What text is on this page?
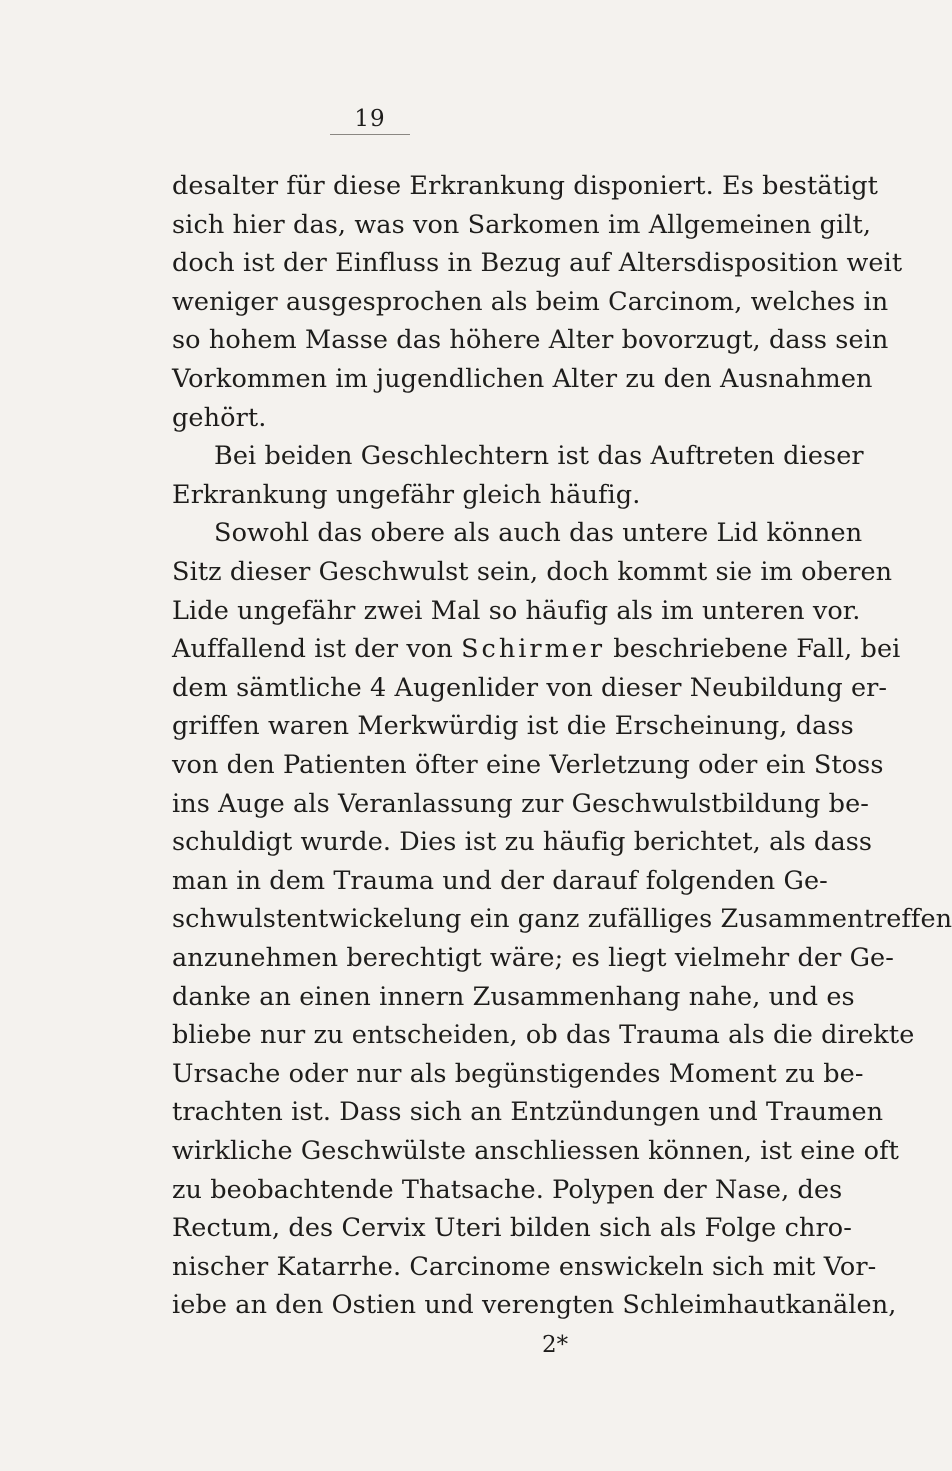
19
desalter für diese Erkrankung disponiert. Es bestätigt
sich hier das, was von Sarkomen im Allgemeinen gilt,
doch ist der Einfluss in Bezug auf Altersdisposition weit
weniger ausgesprochen als beim Carcinom, welches in
so hohem Masse das höhere Alter bovorzugt, dass sein
Vorkommen im jugendlichen Alter zu den Ausnahmen
gehört.
Bei beiden Geschlechtern ist das Auftreten dieser
Erkrankung ungefähr gleich häufig.
Sowohl das obere als auch das untere Lid können
Sitz dieser Geschwulst sein, doch kommt sie im oberen
Lide ungefähr zwei Mal so häufig als im unteren vor.
Auffallend ist der von Schirmer beschriebene Fall, bei
dem sämtliche 4 Augenlider von dieser Neubildung er-
griffen waren Merkwürdig ist die Erscheinung, dass
von den Patienten öfter eine Verletzung oder ein Stoss
ins Auge als Veranlassung zur Geschwulstbildung be-
schuldigt wurde. Dies ist zu häufig berichtet, als dass
man in dem Trauma und der darauf folgenden Ge-
schwulstentwickelung ein ganz zufälliges Zusammentreffen
anzunehmen berechtigt wäre; es liegt vielmehr der Ge-
danke an einen innern Zusammenhang nahe, und es
bliebe nur zu entscheiden, ob das Trauma als die direkte
Ursache oder nur als begünstigendes Moment zu be-
trachten ist. Dass sich an Entzündungen und Traumen
wirkliche Geschwülste anschliessen können, ist eine oft
zu beobachtende Thatsache. Polypen der Nase, des
Rectum, des Cervix Uteri bilden sich als Folge chro-
nischer Katarrhe. Carcinome enswickeln sich mit Vor-
iebe an den Ostien und verengten Schleimhautkanälen,
2*
